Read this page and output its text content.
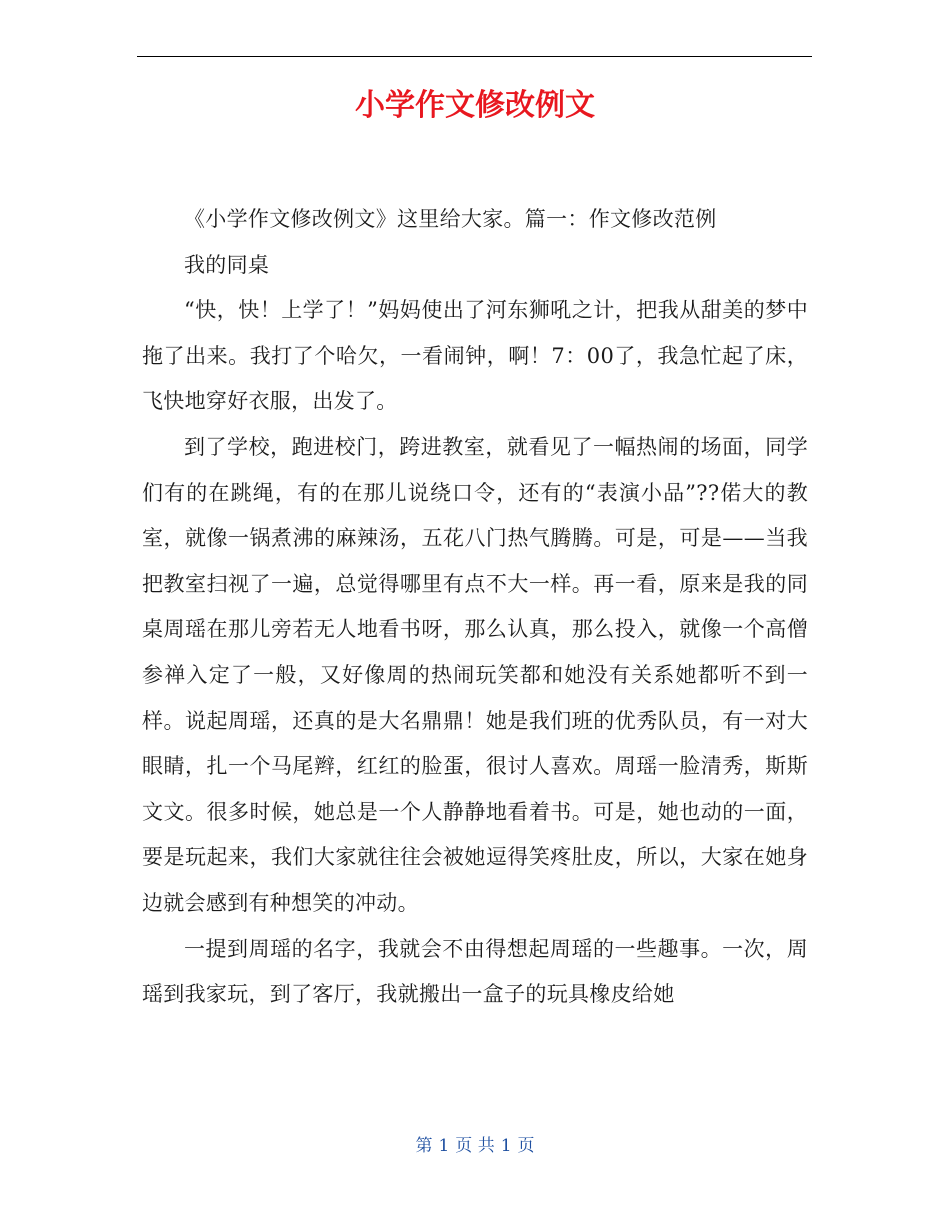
小学作文修改例文

《小学作文修改例文》这里给大家。篇一：作文修改范例

我的同桌

“快，快！上学了！”妈妈使出了河东狮吼之计，把我从甜美的梦中拖了出来。我打了个哈欠，一看闹钟，啊！7：00了，我急忙起了床，飞快地穿好衣服，出发了。

到了学校，跑进校门，跨进教室，就看见了一幅热闹的场面，同学们有的在跳绳，有的在那儿说绕口令，还有的“表演小品”??偌大的教室，就像一锅煮沸的麻辣汤，五花八门热气腾腾。可是，可是——当我把教室扫视了一遍，总觉得哪里有点不大一样。再一看，原来是我的同桌周瑶在那儿旁若无人地看书呀，那么认真，那么投入，就像一个高僧参禅入定了一般，又好像周的热闹玩笑都和她没有关系她都听不到一样。说起周瑶，还真的是大名鼎鼎！她是我们班的优秀队员，有一对大眼睛，扎一个马尾辫，红红的脸蛋，很讨人喜欢。周瑶一脸清秀，斯斯文文。很多时候，她总是一个人静静地看着书。可是，她也动的一面，要是玩起来，我们大家就往往会被她逗得笑疼肚皮，所以，大家在她身边就会感到有种想笑的冲动。

一提到周瑶的名字，我就会不由得想起周瑶的一些趣事。一次，周瑶到我家玩，到了客厅，我就搬出一盒子的玩具橡皮给她

第 1 页 共 1 页
